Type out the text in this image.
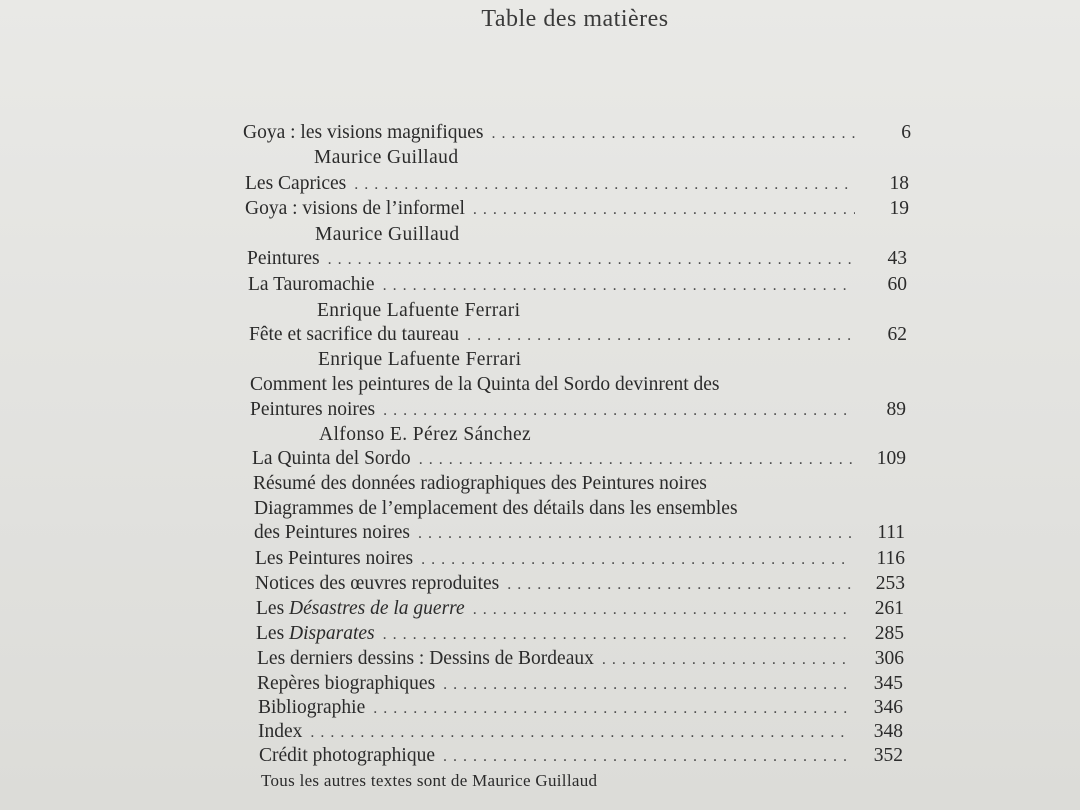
Table des matières
Goya : les visions magnifiques . . .	6
Maurice Guillaud
Les Caprices . . .	18
Goya : visions de l’informel . . .	19
Maurice Guillaud
Peintures . . .	43
La Tauromachie . . .	60
Enrique Lafuente Ferrari
Fête et sacrifice du taureau . . .	62
Enrique Lafuente Ferrari
Comment les peintures de la Quinta del Sordo devinrent des
Peintures noires . . .	89
Alfonso E. Pérez Sánchez
La Quinta del Sordo . . .	109
Résumé des données radiographiques des Peintures noires
Diagrammes de l’emplacement des détails dans les ensembles
des Peintures noires . . .	111
Les Peintures noires . . .	116
Notices des œuvres reproduites . . .	253
Les Désastres de la guerre . . .	261
Les Disparates . . .	285
Les derniers dessins : Dessins de Bordeaux . . .	306
Repères biographiques . . .	345
Bibliographie . . .	346
Index . . .	348
Crédit photographique . . .	352
Tous les autres textes sont de Maurice Guillaud
